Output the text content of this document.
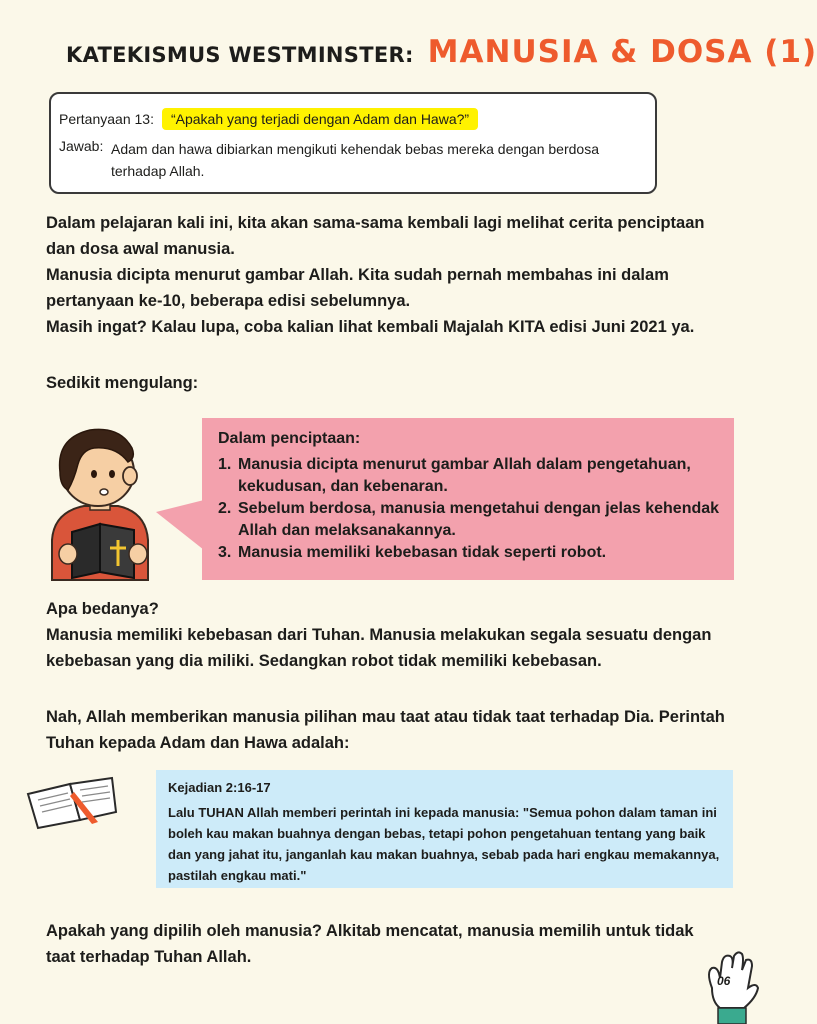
KATEKISMUS WESTMINSTER: MANUSIA & DOSA (1)
Pertanyaan 13:	“Apakah yang terjadi dengan Adam dan Hawa?”
Jawab: Adam dan hawa dibiarkan mengikuti kehendak bebas mereka dengan berdosa terhadap Allah.

Dalam pelajaran kali ini, kita akan sama-sama kembali lagi melihat cerita penciptaan dan dosa awal manusia.

Manusia dicipta menurut gambar Allah. Kita sudah pernah membahas ini dalam pertanyaan ke-10, beberapa edisi sebelumnya.

Masih ingat? Kalau lupa, coba kalian lihat kembali Majalah KITA edisi Juni 2021 ya.

Sedikit mengulang:

Dalam penciptaan:
1. Manusia dicipta menurut gambar Allah dalam pengetahuan, kekudusan, dan kebenaran.
2. Sebelum berdosa, manusia mengetahui dengan jelas kehendak Allah dan melaksanakannya.
3. Manusia memiliki kebebasan tidak seperti robot.

Apa bedanya?

Manusia memiliki kebebasan dari Tuhan. Manusia melakukan segala sesuatu dengan kebebasan yang dia miliki. Sedangkan robot tidak memiliki kebebasan.

Nah, Allah memberikan manusia pilihan mau taat atau tidak taat terhadap Dia. Perintah Tuhan kepada Adam dan Hawa adalah:

Kejadian 2:16-17
Lalu TUHAN Allah memberi perintah ini kepada manusia: "Semua pohon dalam taman ini boleh kau makan buahnya dengan bebas, tetapi pohon pengetahuan tentang yang baik dan yang jahat itu, janganlah kau makan buahnya, sebab pada hari engkau memakannya, pastilah engkau mati."

Apakah yang dipilih oleh manusia? Alkitab mencatat, manusia memilih untuk tidak taat terhadap Tuhan Allah.

06
